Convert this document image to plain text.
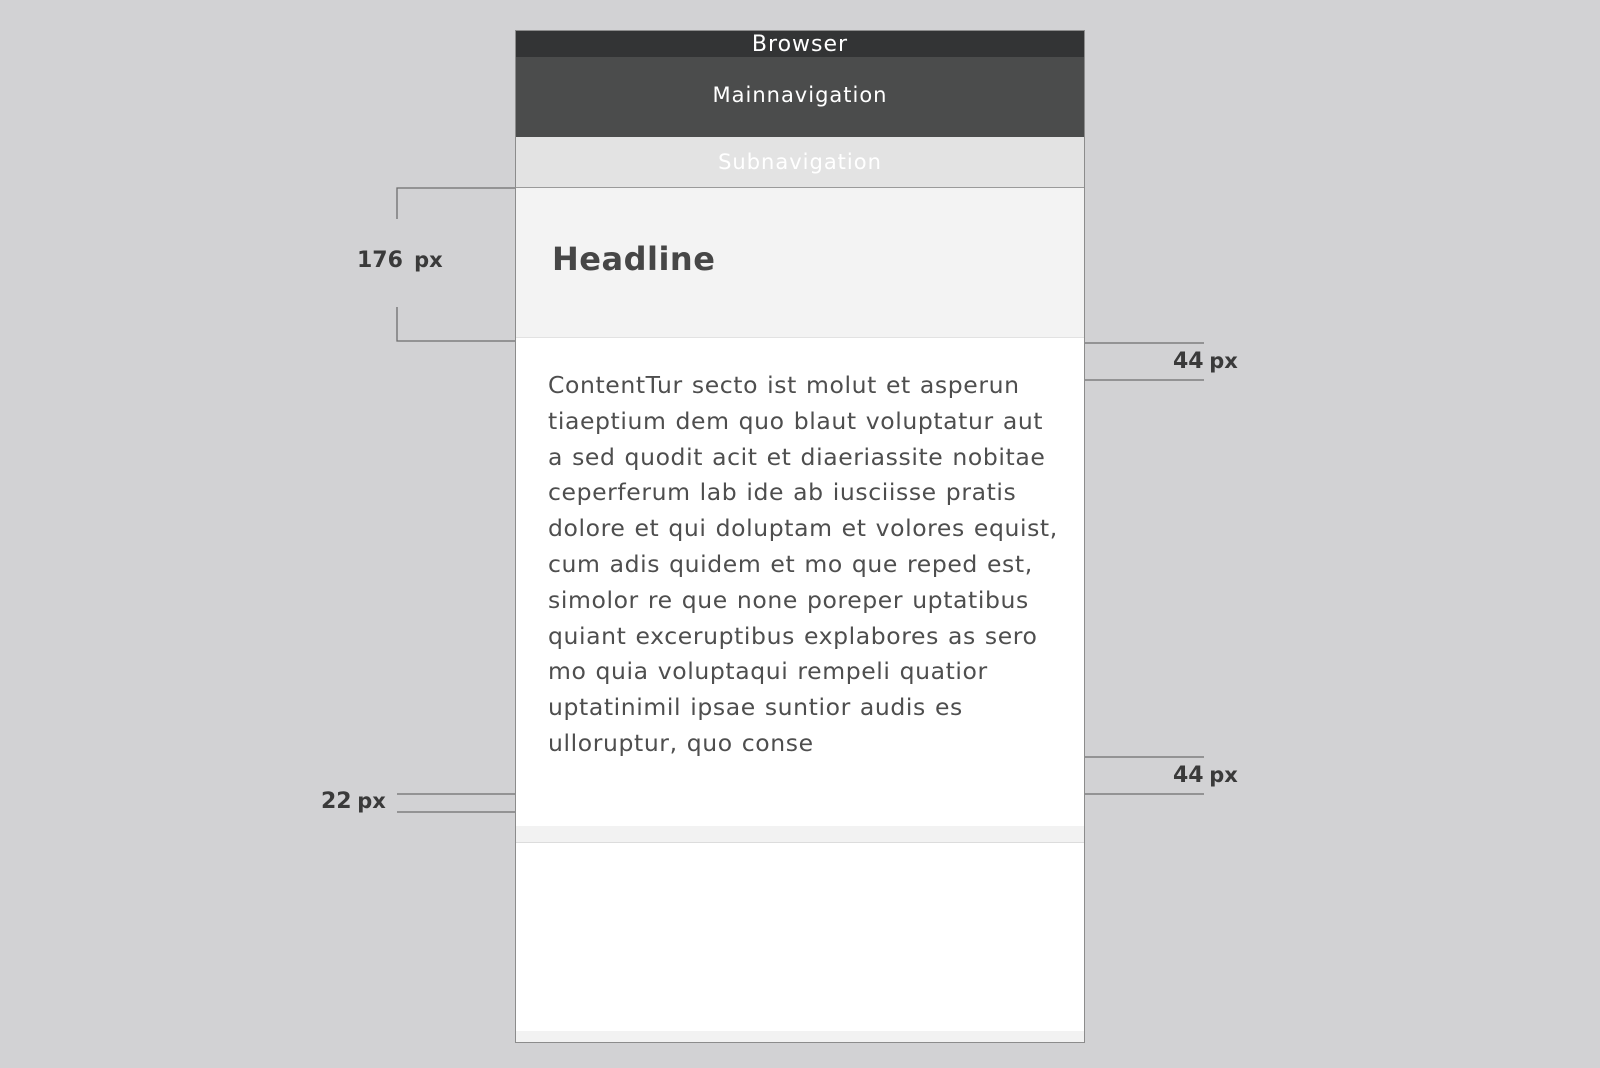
Browser
Mainnavigation
Subnavigation
Headline

ContentTur secto ist molut et asperun tiaeptium dem quo blaut voluptatur aut a sed quodit acit et diaeriassite nobitae ceperferum lab ide ab iusciisse pratis dolore et qui doluptam et volores equist, cum adis quidem et mo que reped est, simolor re que none poreper uptatibus quiant exceruptibus explabores as sero mo quia voluptaqui rempeli quatior uptatinimil ipsae suntior audis es ulloruptur, quo conse

176 px
44 px
44 px
22 px
